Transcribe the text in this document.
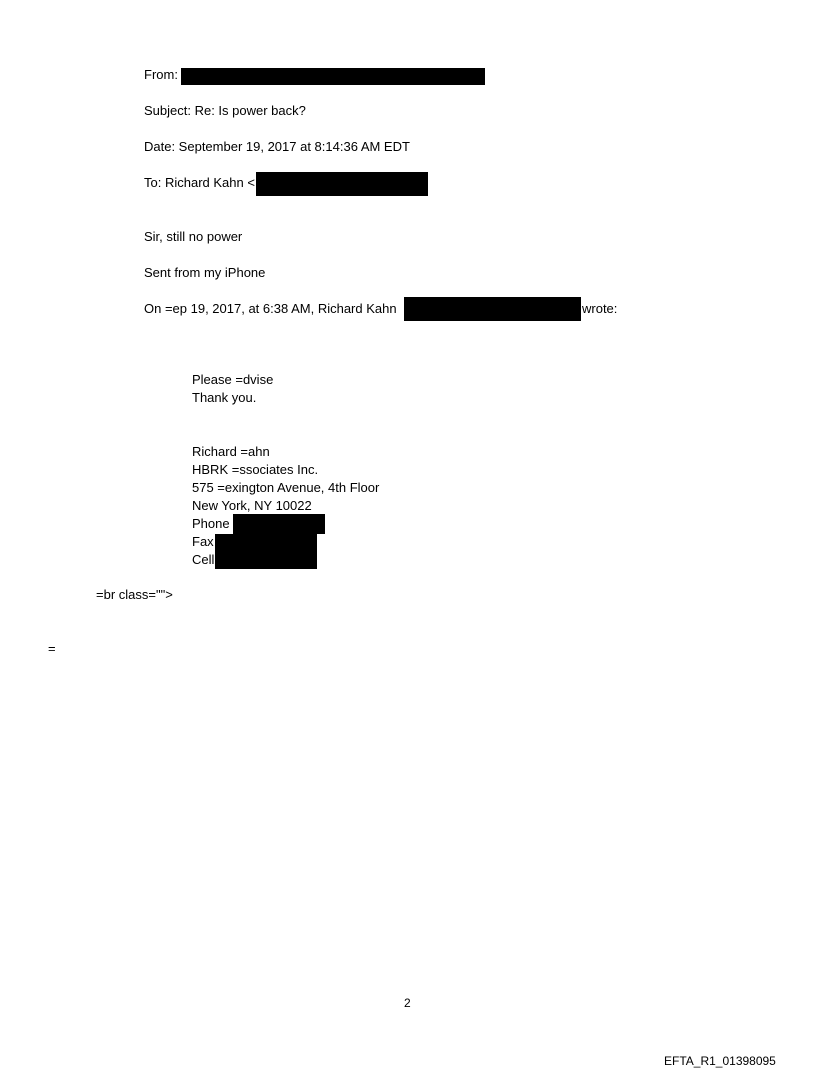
From:
Subject: Re: Is power back?
Date: September 19, 2017 at 8:14:36 AM EDT
To: Richard Kahn <
Sir, still no power
Sent from my iPhone
On =ep 19, 2017, at 6:38 AM, Richard Kahn	wrote:
Please =dvise
Thank you.
Richard =ahn
HBRK =ssociates Inc.
575 =exington Avenue, 4th Floor
New York, NY 10022
Phone
Fax
Cell
=br class="">
=
2
EFTA_R1_01398095
